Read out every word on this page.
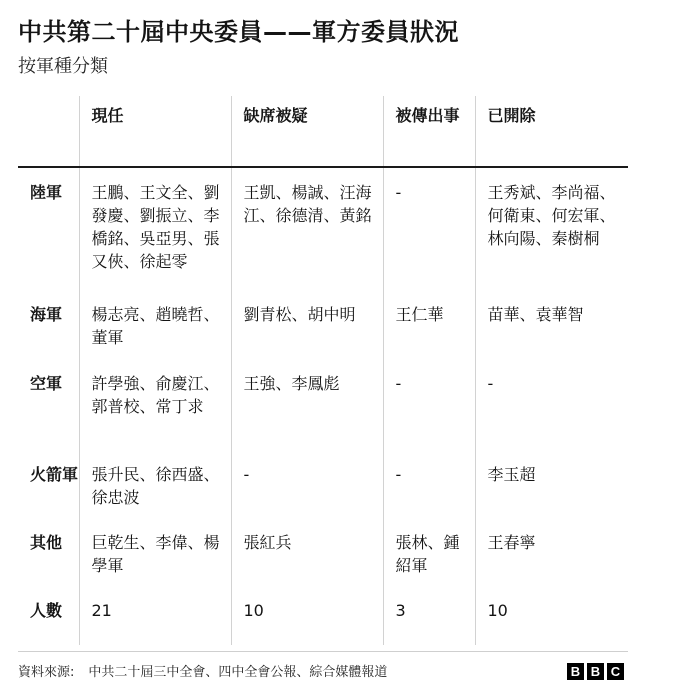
中共第二十屆中央委員——軍方委員狀況
按軍種分類

	現任	缺席被疑	被傳出事	已開除

陸軍	王鵬、王文全、劉發慶、劉振立、李橋銘、吳亞男、張又俠、徐起零	王凱、楊誠、汪海江、徐德清、黃銘	-	王秀斌、李尚福、何衛東、何宏軍、林向陽、秦樹桐

海軍	楊志亮、趙曉哲、董軍	劉青松、胡中明	王仁華	苗華、袁華智

空軍	許學強、俞慶江、郭普校、常丁求	王強、李鳳彪	-	-

火箭軍	張升民、徐西盛、徐忠波	-	-	李玉超

其他	巨乾生、李偉、楊學軍	張紅兵	張林、鍾紹軍	王春寧

人數	21	10	3	10
資料來源: 中共二十屆三中全會、四中全會公報、綜合媒體報道	B B C
